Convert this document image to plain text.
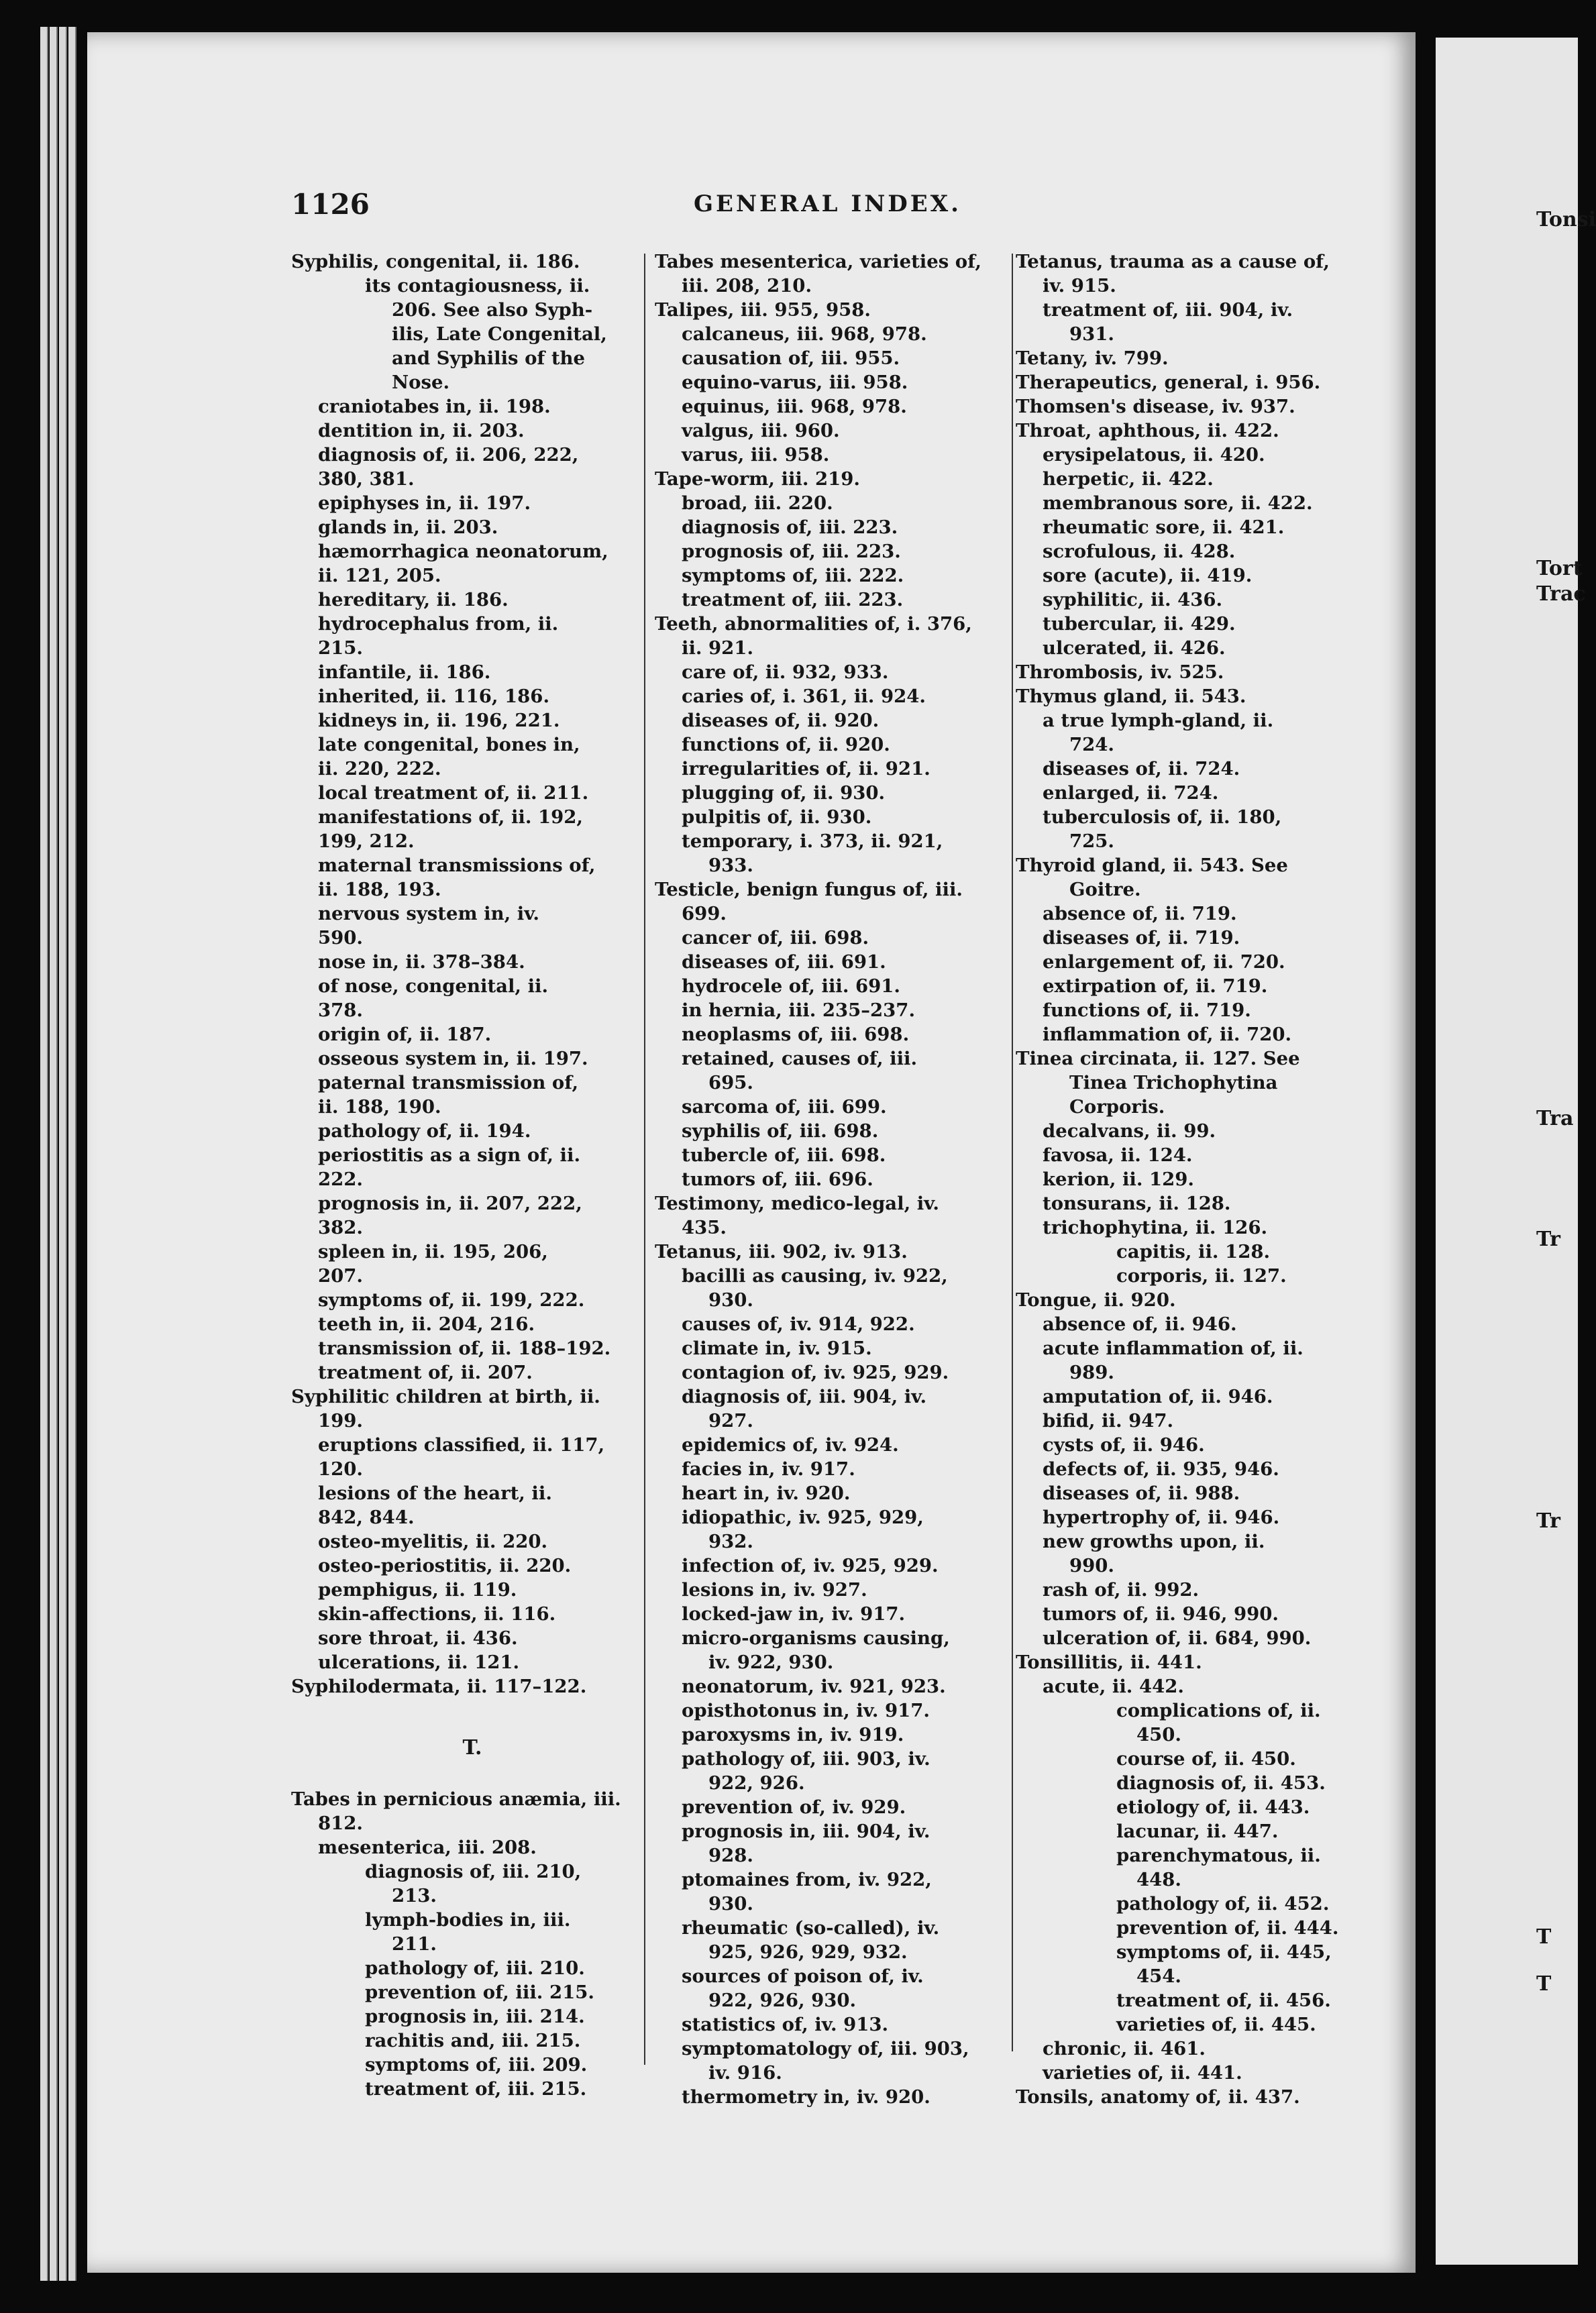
Tonsi
Tort
Trac
Tra
Tr
Tr
T
T
1126	GENERAL INDEX.
Syphilis, congenital, ii. 186.
its contagiousness, ii.
206. See also Syph-
ilis, Late Congenital,
and Syphilis of the
Nose.
craniotabes in, ii. 198.
dentition in, ii. 203.
diagnosis of, ii. 206, 222,
380, 381.
epiphyses in, ii. 197.
glands in, ii. 203.
hæmorrhagica neonatorum,
ii. 121, 205.
hereditary, ii. 186.
hydrocephalus from, ii.
215.
infantile, ii. 186.
inherited, ii. 116, 186.
kidneys in, ii. 196, 221.
late congenital, bones in,
ii. 220, 222.
local treatment of, ii. 211.
manifestations of, ii. 192,
199, 212.
maternal transmissions of,
ii. 188, 193.
nervous system in, iv.
590.
nose in, ii. 378–384.
of nose, congenital, ii.
378.
origin of, ii. 187.
osseous system in, ii. 197.
paternal transmission of,
ii. 188, 190.
pathology of, ii. 194.
periostitis as a sign of, ii.
222.
prognosis in, ii. 207, 222,
382.
spleen in, ii. 195, 206,
207.
symptoms of, ii. 199, 222.
teeth in, ii. 204, 216.
transmission of, ii. 188–192.
treatment of, ii. 207.
Syphilitic children at birth, ii.
199.
eruptions classified, ii. 117,
120.
lesions of the heart, ii.
842, 844.
osteo-myelitis, ii. 220.
osteo-periostitis, ii. 220.
pemphigus, ii. 119.
skin-affections, ii. 116.
sore throat, ii. 436.
ulcerations, ii. 121.
Syphilodermata, ii. 117–122.
T.
Tabes in pernicious anæmia, iii.
812.
mesenterica, iii. 208.
diagnosis of, iii. 210,
213.
lymph-bodies in, iii.
211.
pathology of, iii. 210.
prevention of, iii. 215.
prognosis in, iii. 214.
rachitis and, iii. 215.
symptoms of, iii. 209.
treatment of, iii. 215.
Tabes mesenterica, varieties of,
iii. 208, 210.
Talipes, iii. 955, 958.
calcaneus, iii. 968, 978.
causation of, iii. 955.
equino-varus, iii. 958.
equinus, iii. 968, 978.
valgus, iii. 960.
varus, iii. 958.
Tape-worm, iii. 219.
broad, iii. 220.
diagnosis of, iii. 223.
prognosis of, iii. 223.
symptoms of, iii. 222.
treatment of, iii. 223.
Teeth, abnormalities of, i. 376,
ii. 921.
care of, ii. 932, 933.
caries of, i. 361, ii. 924.
diseases of, ii. 920.
functions of, ii. 920.
irregularities of, ii. 921.
plugging of, ii. 930.
pulpitis of, ii. 930.
temporary, i. 373, ii. 921,
933.
Testicle, benign fungus of, iii.
699.
cancer of, iii. 698.
diseases of, iii. 691.
hydrocele of, iii. 691.
in hernia, iii. 235–237.
neoplasms of, iii. 698.
retained, causes of, iii.
695.
sarcoma of, iii. 699.
syphilis of, iii. 698.
tubercle of, iii. 698.
tumors of, iii. 696.
Testimony, medico-legal, iv.
435.
Tetanus, iii. 902, iv. 913.
bacilli as causing, iv. 922,
930.
causes of, iv. 914, 922.
climate in, iv. 915.
contagion of, iv. 925, 929.
diagnosis of, iii. 904, iv.
927.
epidemics of, iv. 924.
facies in, iv. 917.
heart in, iv. 920.
idiopathic, iv. 925, 929,
932.
infection of, iv. 925, 929.
lesions in, iv. 927.
locked-jaw in, iv. 917.
micro-organisms causing,
iv. 922, 930.
neonatorum, iv. 921, 923.
opisthotonus in, iv. 917.
paroxysms in, iv. 919.
pathology of, iii. 903, iv.
922, 926.
prevention of, iv. 929.
prognosis in, iii. 904, iv.
928.
ptomaines from, iv. 922,
930.
rheumatic (so-called), iv.
925, 926, 929, 932.
sources of poison of, iv.
922, 926, 930.
statistics of, iv. 913.
symptomatology of, iii. 903,
iv. 916.
thermometry in, iv. 920.
Tetanus, trauma as a cause of,
iv. 915.
treatment of, iii. 904, iv.
931.
Tetany, iv. 799.
Therapeutics, general, i. 956.
Thomsen's disease, iv. 937.
Throat, aphthous, ii. 422.
erysipelatous, ii. 420.
herpetic, ii. 422.
membranous sore, ii. 422.
rheumatic sore, ii. 421.
scrofulous, ii. 428.
sore (acute), ii. 419.
syphilitic, ii. 436.
tubercular, ii. 429.
ulcerated, ii. 426.
Thrombosis, iv. 525.
Thymus gland, ii. 543.
a true lymph-gland, ii.
724.
diseases of, ii. 724.
enlarged, ii. 724.
tuberculosis of, ii. 180,
725.
Thyroid gland, ii. 543. See
Goitre.
absence of, ii. 719.
diseases of, ii. 719.
enlargement of, ii. 720.
extirpation of, ii. 719.
functions of, ii. 719.
inflammation of, ii. 720.
Tinea circinata, ii. 127. See
Tinea Trichophytina
Corporis.
decalvans, ii. 99.
favosa, ii. 124.
kerion, ii. 129.
tonsurans, ii. 128.
trichophytina, ii. 126.
capitis, ii. 128.
corporis, ii. 127.
Tongue, ii. 920.
absence of, ii. 946.
acute inflammation of, ii.
989.
amputation of, ii. 946.
bifid, ii. 947.
cysts of, ii. 946.
defects of, ii. 935, 946.
diseases of, ii. 988.
hypertrophy of, ii. 946.
new growths upon, ii.
990.
rash of, ii. 992.
tumors of, ii. 946, 990.
ulceration of, ii. 684, 990.
Tonsillitis, ii. 441.
acute, ii. 442.
complications of, ii.
450.
course of, ii. 450.
diagnosis of, ii. 453.
etiology of, ii. 443.
lacunar, ii. 447.
parenchymatous, ii.
448.
pathology of, ii. 452.
prevention of, ii. 444.
symptoms of, ii. 445,
454.
treatment of, ii. 456.
varieties of, ii. 445.
chronic, ii. 461.
varieties of, ii. 441.
Tonsils, anatomy of, ii. 437.
